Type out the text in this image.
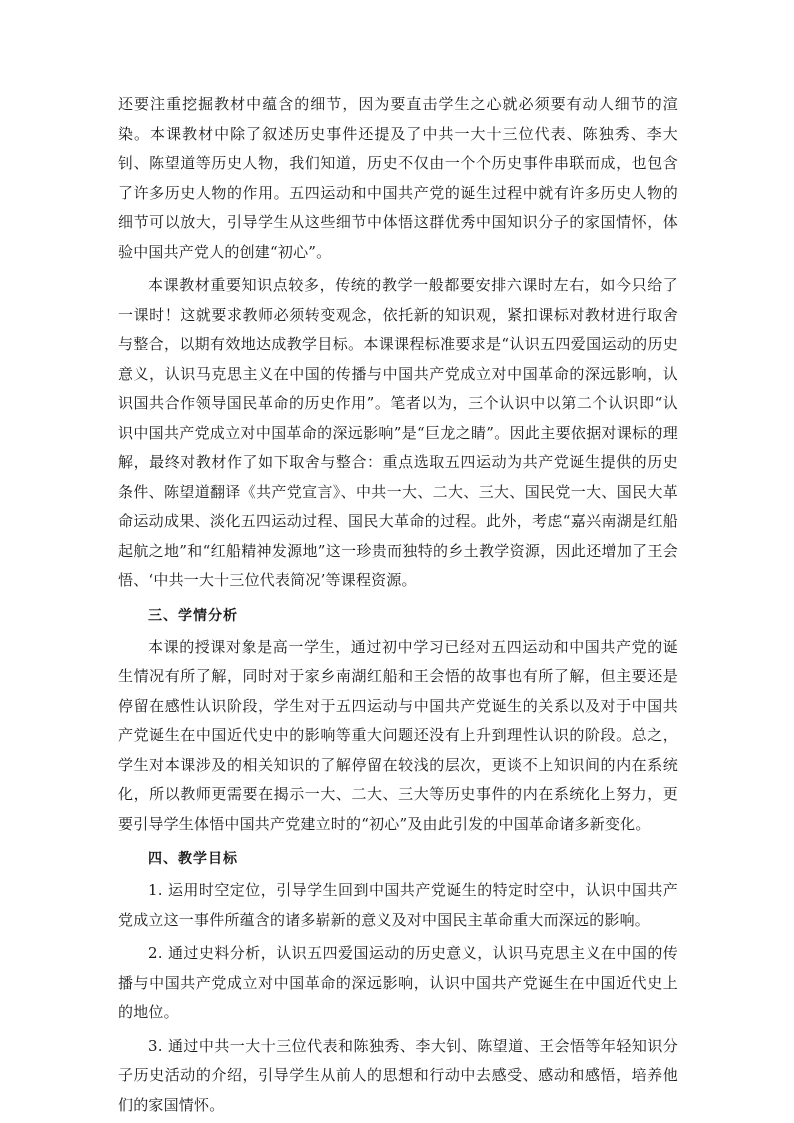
还要注重挖掘教材中蕴含的细节，因为要直击学生之心就必须要有动人细节的渲染。本课教材中除了叙述历史事件还提及了中共一大十三位代表、陈独秀、李大钊、陈望道等历史人物，我们知道，历史不仅由一个个历史事件串联而成，也包含了许多历史人物的作用。五四运动和中国共产党的诞生过程中就有许多历史人物的细节可以放大，引导学生从这些细节中体悟这群优秀中国知识分子的家国情怀，体验中国共产党人的创建“初心”。

本课教材重要知识点较多，传统的教学一般都要安排六课时左右，如今只给了一课时！这就要求教师必须转变观念，依托新的知识观，紧扣课标对教材进行取舍与整合，以期有效地达成教学目标。本课课程标准要求是“认识五四爱国运动的历史意义，认识马克思主义在中国的传播与中国共产党成立对中国革命的深远影响，认识国共合作领导国民革命的历史作用”。笔者以为，三个认识中以第二个认识即“认识中国共产党成立对中国革命的深远影响”是“巨龙之睛”。因此主要依据对课标的理解，最终对教材作了如下取舍与整合：重点选取五四运动为共产党诞生提供的历史条件、陈望道翻译《共产党宣言》、中共一大、二大、三大、国民党一大、国民大革命运动成果、淡化五四运动过程、国民大革命的过程。此外，考虑“嘉兴南湖是红船起航之地”和“红船精神发源地”这一珍贵而独特的乡土教学资源，因此还增加了王会悟、‘中共一大十三位代表简况’等课程资源。

三、学情分析

本课的授课对象是高一学生，通过初中学习已经对五四运动和中国共产党的诞生情况有所了解，同时对于家乡南湖红船和王会悟的故事也有所了解，但主要还是停留在感性认识阶段，学生对于五四运动与中国共产党诞生的关系以及对于中国共产党诞生在中国近代史中的影响等重大问题还没有上升到理性认识的阶段。总之，学生对本课涉及的相关知识的了解停留在较浅的层次，更谈不上知识间的内在系统化，所以教师更需要在揭示一大、二大、三大等历史事件的内在系统化上努力，更要引导学生体悟中国共产党建立时的“初心”及由此引发的中国革命诸多新变化。

四、教学目标

1. 运用时空定位，引导学生回到中国共产党诞生的特定时空中，认识中国共产党成立这一事件所蕴含的诸多崭新的意义及对中国民主革命重大而深远的影响。

2. 通过史料分析，认识五四爱国运动的历史意义，认识马克思主义在中国的传播与中国共产党成立对中国革命的深远影响，认识中国共产党诞生在中国近代史上的地位。

3. 通过中共一大十三位代表和陈独秀、李大钊、陈望道、王会悟等年轻知识分子历史活动的介绍，引导学生从前人的思想和行动中去感受、感动和感悟，培养他们的家国情怀。
